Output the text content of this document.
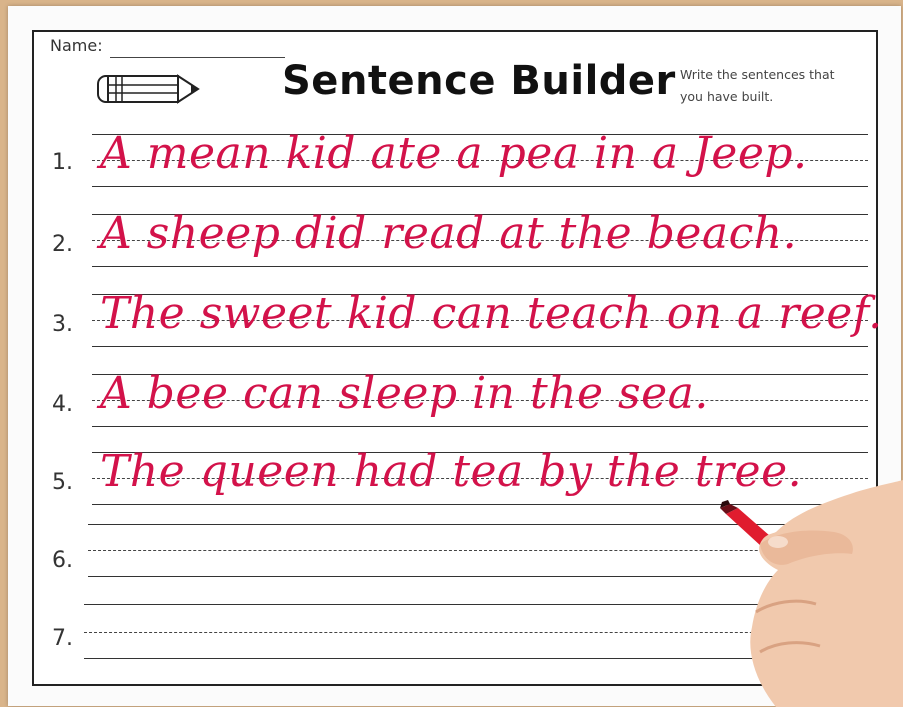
Name:
Sentence Builder Write the sentences that
you have built.
1. A mean kid ate a pea in a Jeep.
2. A sheep did read at the beach.
3. The sweet kid can teach on a reef.
4. A bee can sleep in the sea.
5. The queen had tea by the tree.
6.
7.
